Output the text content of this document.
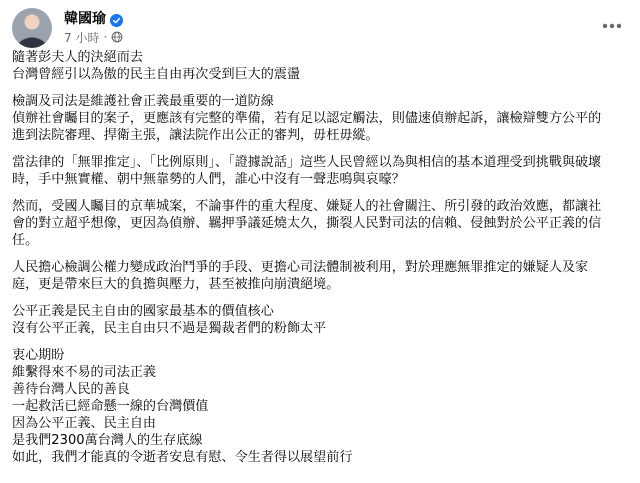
韓國瑜
7 小時 ·
隨著彭夫人的決絕而去
台灣曾經引以為傲的民主自由再次受到巨大的震盪
檢調及司法是維護社會正義最重要的一道防線
偵辦社會矚目的案子，更應該有完整的準備，若有足以認定觸法，則儘速偵辦起訴，讓檢辯雙方公平的
進到法院審理、捍衛主張，讓法院作出公正的審判，毋枉毋縱。
當法律的「無罪推定」、「比例原則」、「證據說話」這些人民曾經以為與相信的基本道理受到挑戰與破壞
時，手中無實權、朝中無靠勢的人們，誰心中沒有一聲悲鳴與哀嚎？
然而，受國人矚目的京華城案，不論事件的重大程度、嫌疑人的社會關注、所引發的政治效應，都讓社
會的對立超乎想像，更因為偵辦、羈押爭議延燒太久，撕裂人民對司法的信賴、侵蝕對於公平正義的信
任。
人民擔心檢調公權力變成政治鬥爭的手段、更擔心司法體制被利用，對於理應無罪推定的嫌疑人及家
庭，更是帶來巨大的負擔與壓力，甚至被推向崩潰絕境。
公平正義是民主自由的國家最基本的價值核心
沒有公平正義，民主自由只不過是獨裁者們的粉飾太平
衷心期盼
維繫得來不易的司法正義
善待台灣人民的善良
一起救活已經命懸一線的台灣價值
因為公平正義、民主自由
是我們2300萬台灣人的生存底線
如此，我們才能真的令逝者安息有慰、令生者得以展望前行
